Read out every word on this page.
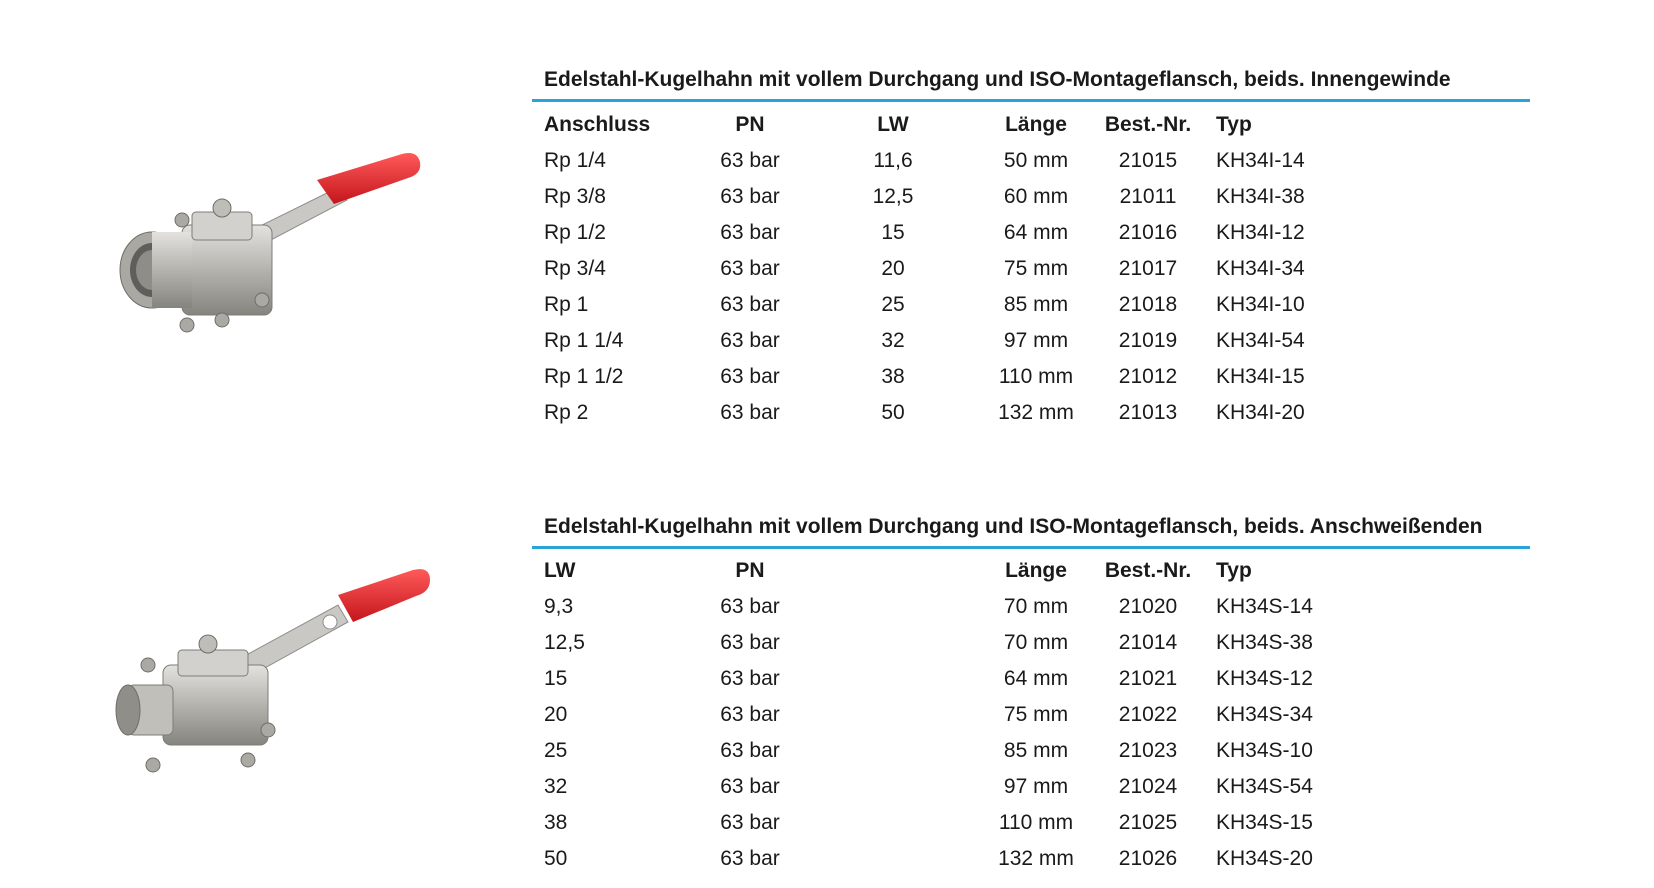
Edelstahl-Kugelhahn mit vollem Durchgang und ISO-Montageflansch, beids. Innengewinde
Anschluss	PN	LW	Länge	Best.-Nr.	Typ
Rp 1/4	63 bar	11,6	50 mm	21015	KH34I-14
Rp 3/8	63 bar	12,5	60 mm	21011	KH34I-38
Rp 1/2	63 bar	15	64 mm	21016	KH34I-12
Rp 3/4	63 bar	20	75 mm	21017	KH34I-34
Rp 1	63 bar	25	85 mm	21018	KH34I-10
Rp 1 1/4	63 bar	32	97 mm	21019	KH34I-54
Rp 1 1/2	63 bar	38	110 mm	21012	KH34I-15
Rp 2	63 bar	50	132 mm	21013	KH34I-20
Edelstahl-Kugelhahn mit vollem Durchgang und ISO-Montageflansch, beids. Anschweißenden
LW	PN		Länge	Best.-Nr.	Typ
9,3	63 bar		70 mm	21020	KH34S-14
12,5	63 bar		70 mm	21014	KH34S-38
15	63 bar		64 mm	21021	KH34S-12
20	63 bar		75 mm	21022	KH34S-34
25	63 bar		85 mm	21023	KH34S-10
32	63 bar		97 mm	21024	KH34S-54
38	63 bar		110 mm	21025	KH34S-15
50	63 bar		132 mm	21026	KH34S-20
